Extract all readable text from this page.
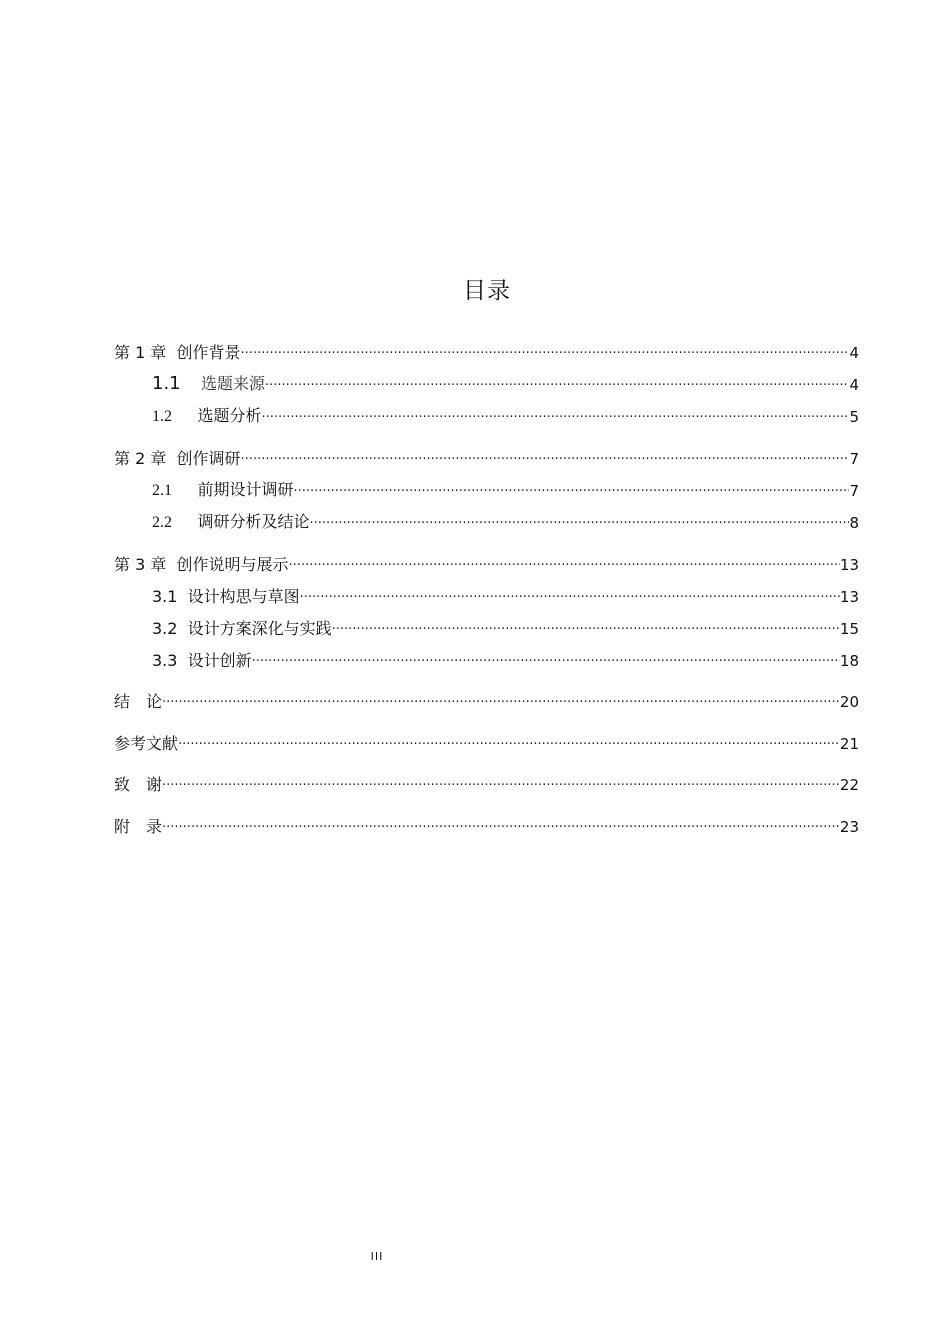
目录
第 1 章 创作背景 ·····	4
1.1 选题来源 ·····	4
1.2 选题分析 ·····	5
第 2 章 创作调研 ·····	7
2.1 前期设计调研 ·····	7
2.2 调研分析及结论 ·····	8
第 3 章 创作说明与展示 ·····	13
3.1 设计构思与草图 ·····	13
3.2 设计方案深化与实践 ·····	15
3.3 设计创新 ·····	18
结　论 ·····	20
参考文献 ·····	21
致　谢 ·····	22
附　录 ·····	23
III
